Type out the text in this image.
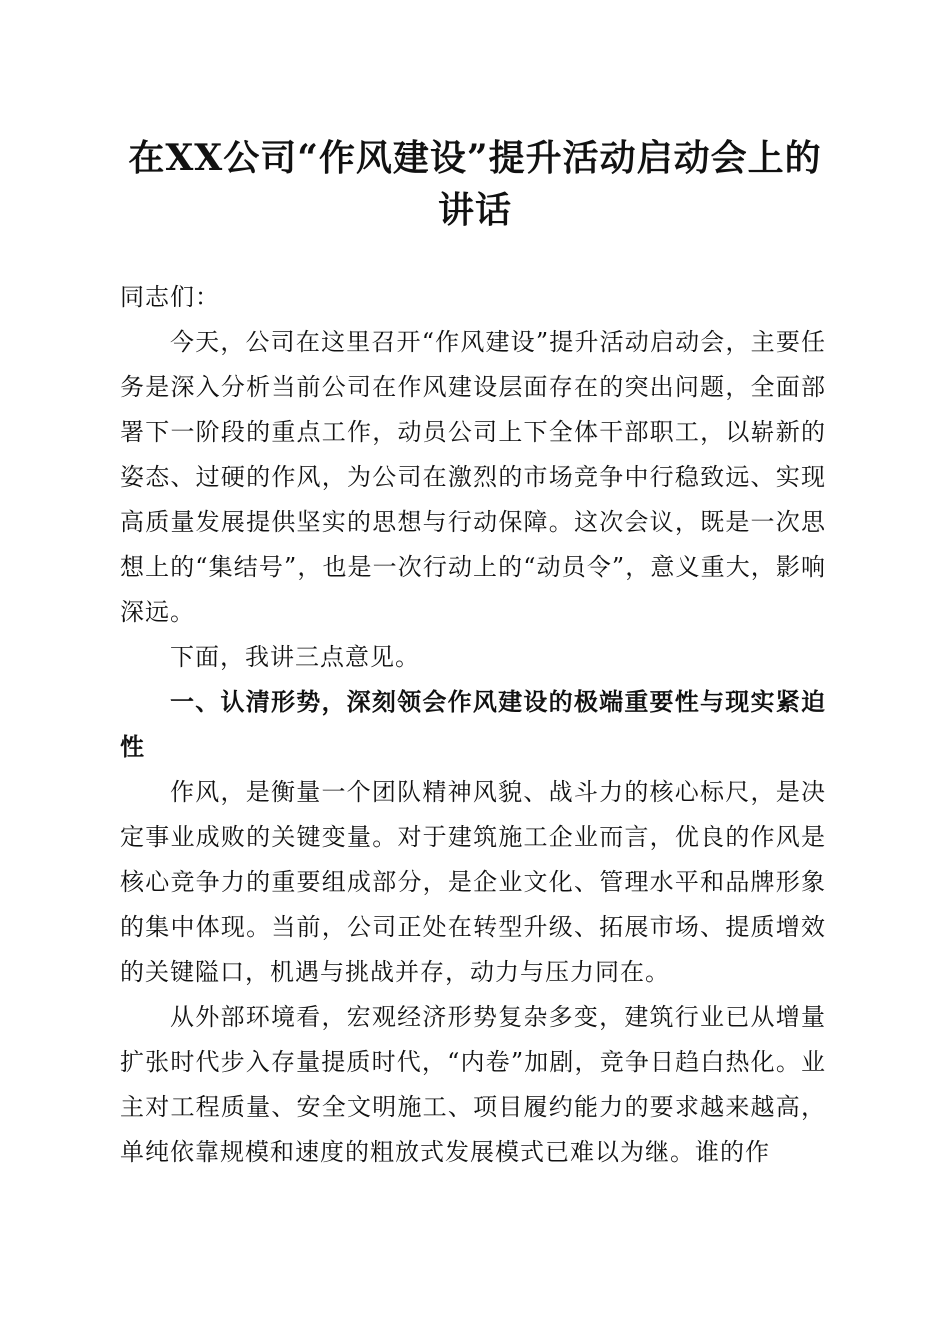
在XX公司“作风建设”提升活动启动会上的讲话

同志们：

今天，公司在这里召开“作风建设”提升活动启动会，主要任务是深入分析当前公司在作风建设层面存在的突出问题，全面部署下一阶段的重点工作，动员公司上下全体干部职工，以崭新的姿态、过硬的作风，为公司在激烈的市场竞争中行稳致远、实现高质量发展提供坚实的思想与行动保障。这次会议，既是一次思想上的“集结号”，也是一次行动上的“动员令”，意义重大，影响深远。

下面，我讲三点意见。

一、认清形势，深刻领会作风建设的极端重要性与现实紧迫性

作风，是衡量一个团队精神风貌、战斗力的核心标尺，是决定事业成败的关键变量。对于建筑施工企业而言，优良的作风是核心竞争力的重要组成部分，是企业文化、管理水平和品牌形象的集中体现。当前，公司正处在转型升级、拓展市场、提质增效的关键隘口，机遇与挑战并存，动力与压力同在。

从外部环境看，宏观经济形势复杂多变，建筑行业已从增量扩张时代步入存量提质时代，“内卷”加剧，竞争日趋白热化。业主对工程质量、安全文明施工、项目履约能力的要求越来越高，单纯依靠规模和速度的粗放式发展模式已难以为继。谁的作
